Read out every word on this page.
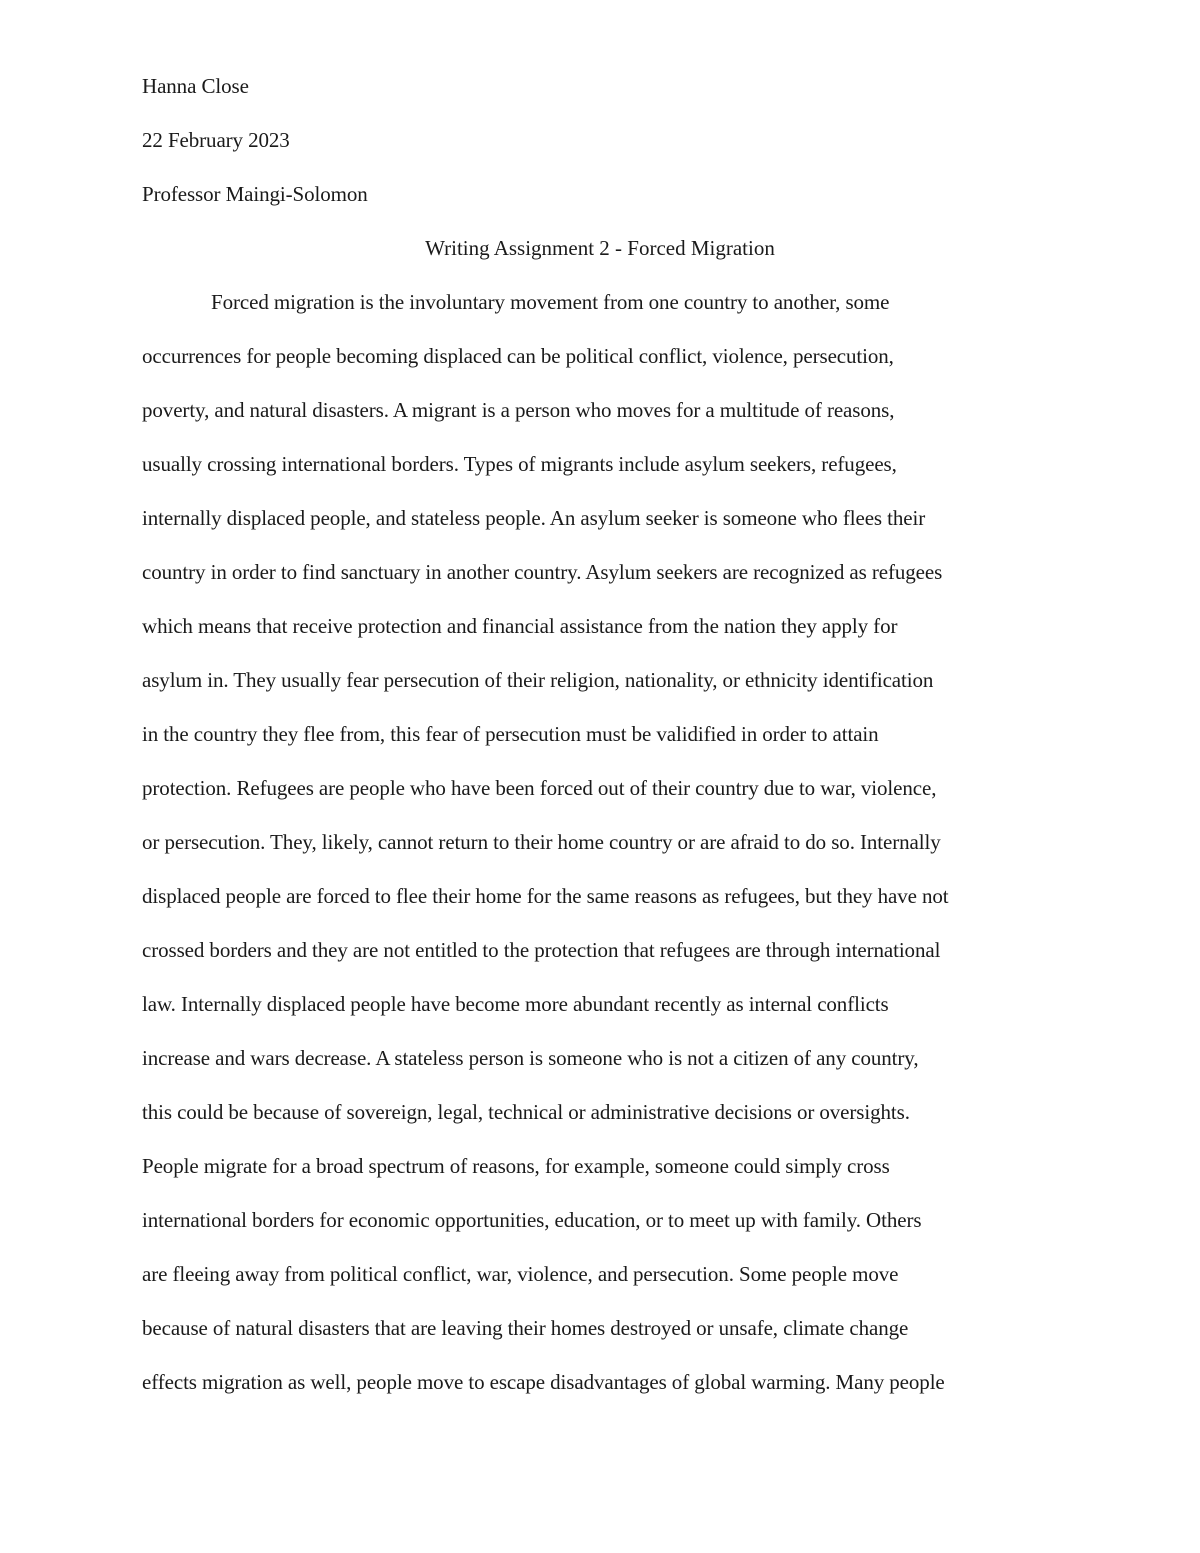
Hanna Close
22 February 2023
Professor Maingi-Solomon
Writing Assignment 2 - Forced Migration
Forced migration is the involuntary movement from one country to another, some
occurrences for people becoming displaced can be political conflict, violence, persecution,
poverty, and natural disasters. A migrant is a person who moves for a multitude of reasons,
usually crossing international borders. Types of migrants include asylum seekers, refugees,
internally displaced people, and stateless people. An asylum seeker is someone who flees their
country in order to find sanctuary in another country. Asylum seekers are recognized as refugees
which means that receive protection and financial assistance from the nation they apply for
asylum in. They usually fear persecution of their religion, nationality, or ethnicity identification
in the country they flee from, this fear of persecution must be validified in order to attain
protection. Refugees are people who have been forced out of their country due to war, violence,
or persecution. They, likely, cannot return to their home country or are afraid to do so. Internally
displaced people are forced to flee their home for the same reasons as refugees, but they have not
crossed borders and they are not entitled to the protection that refugees are through international
law. Internally displaced people have become more abundant recently as internal conflicts
increase and wars decrease. A stateless person is someone who is not a citizen of any country,
this could be because of sovereign, legal, technical or administrative decisions or oversights.
People migrate for a broad spectrum of reasons, for example, someone could simply cross
international borders for economic opportunities, education, or to meet up with family. Others
are fleeing away from political conflict, war, violence, and persecution. Some people move
because of natural disasters that are leaving their homes destroyed or unsafe, climate change
effects migration as well, people move to escape disadvantages of global warming. Many people
